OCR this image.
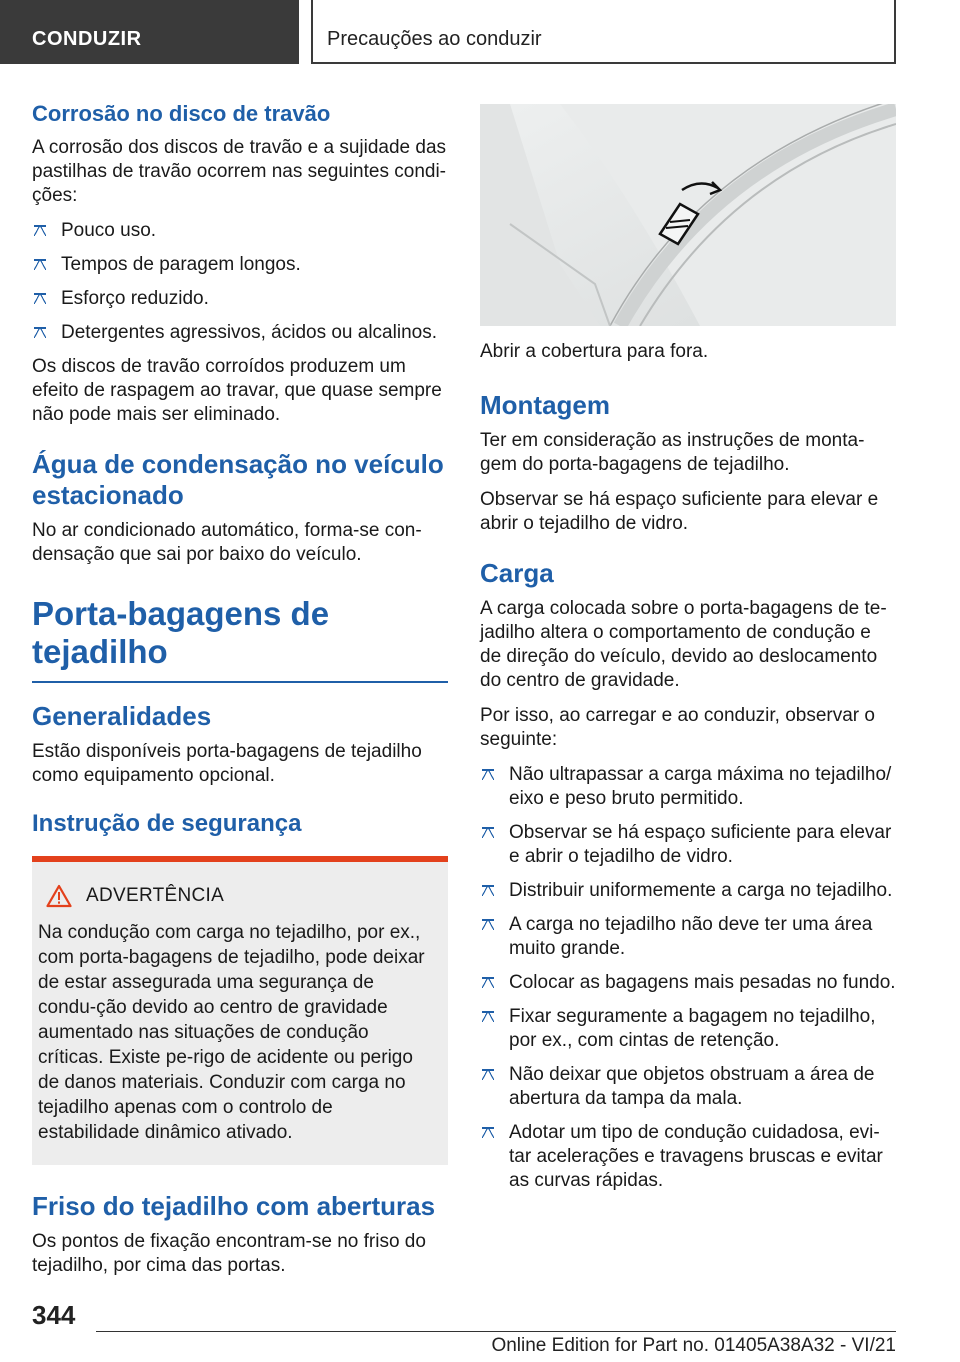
CONDUZIR	Precauções ao conduzir
Corrosão no disco de travão

A corrosão dos discos de travão e a sujidade das pastilhas de travão ocorrem nas seguintes condi-ções:

Pouco uso.
Tempos de paragem longos.
Esforço reduzido.
Detergentes agressivos, ácidos ou alcalinos.

Os discos de travão corroídos produzem um efeito de raspagem ao travar, que quase sempre não pode mais ser eliminado.

Água de condensação no veículo estacionado

No ar condicionado automático, forma-se con-densação que sai por baixo do veículo.

Porta-bagagens de tejadilho
Generalidades

Estão disponíveis porta-bagagens de tejadilho como equipamento opcional.

Instrução de segurança
ADVERTÊNCIA

Na condução com carga no tejadilho, por ex., com porta-bagagens de tejadilho, pode deixar de estar assegurada uma segurança de condu-ção devido ao centro de gravidade aumentado nas situações de condução críticas. Existe pe-rigo de acidente ou perigo de danos materiais. Conduzir com carga no tejadilho apenas com o controlo de estabilidade dinâmico ativado.

Friso do tejadilho com aberturas

Os pontos de fixação encontram-se no friso do tejadilho, por cima das portas.

Abrir a cobertura para fora.

Montagem

Ter em consideração as instruções de monta-gem do porta-bagagens de tejadilho.

Observar se há espaço suficiente para elevar e abrir o tejadilho de vidro.

Carga

A carga colocada sobre o porta-bagagens de te-jadilho altera o comportamento de condução e de direção do veículo, devido ao deslocamento do centro de gravidade.

Por isso, ao carregar e ao conduzir, observar o seguinte:

Não ultrapassar a carga máxima no tejadilho/ eixo e peso bruto permitido.
Observar se há espaço suficiente para elevar e abrir o tejadilho de vidro.
Distribuir uniformemente a carga no tejadilho.
A carga no tejadilho não deve ter uma área muito grande.
Colocar as bagagens mais pesadas no fundo.
Fixar seguramente a bagagem no tejadilho, por ex., com cintas de retenção.
Não deixar que objetos obstruam a área de abertura da tampa da mala.
Adotar um tipo de condução cuidadosa, evi-tar acelerações e travagens bruscas e evitar as curvas rápidas.
344
Online Edition for Part no. 01405A38A32 - VI/21
